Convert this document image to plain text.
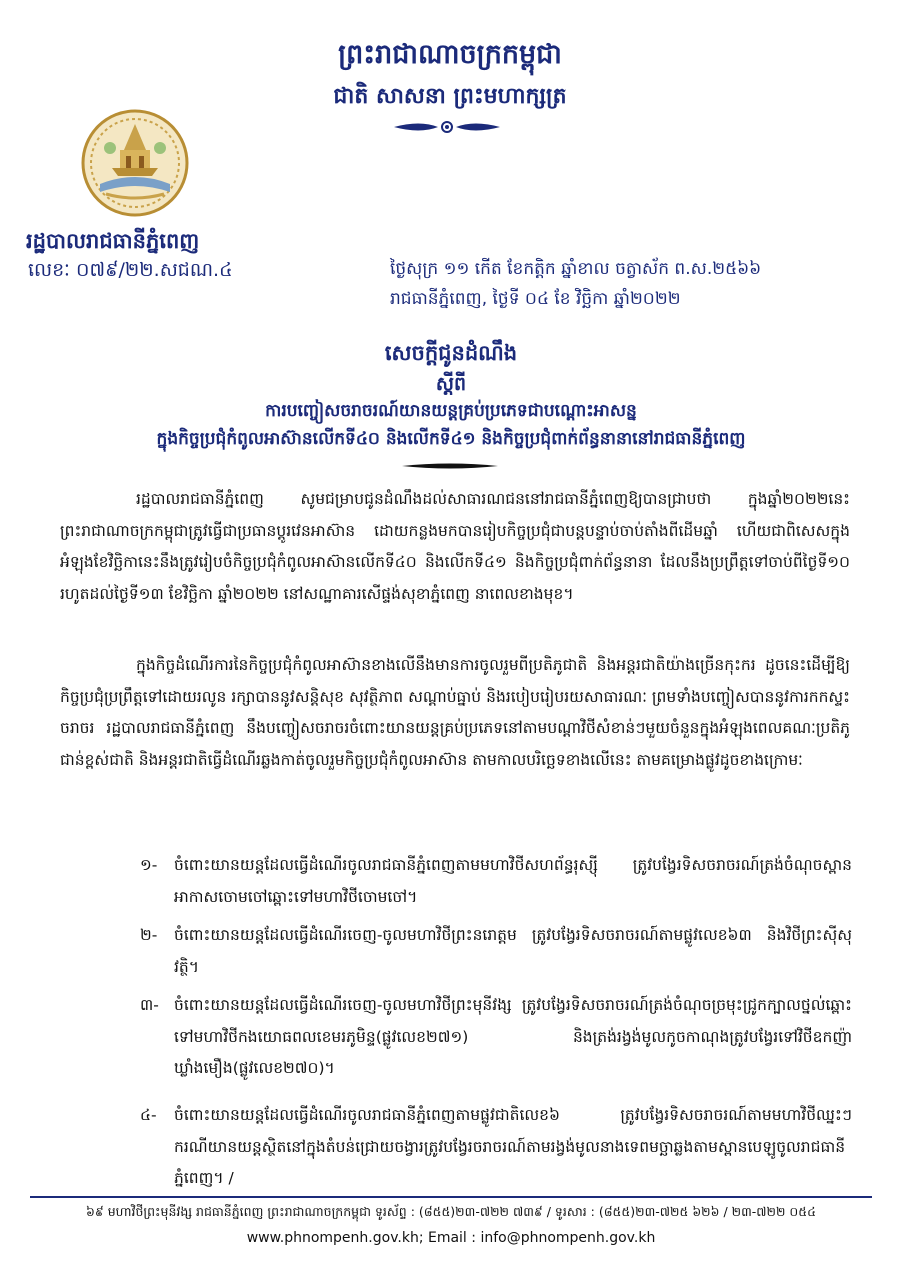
ព្រះរាជាណាចក្រកម្ពុជា
ជាតិ សាសនា ព្រះមហាក្សត្រ
រដ្ឋបាលរាជធានីភ្នំពេញ
លេខៈ ០៧៩/២២.សជណ.៤	ថ្ងៃសុក្រ ១១ កើត ខែកត្តិក ឆ្នាំខាល ចត្វាស័ក ព.ស.២៥៦៦
រាជធានីភ្នំពេញ, ថ្ងៃទី ០៤ ខែ វិច្ឆិកា ឆ្នាំ២០២២
សេចក្តីជូនដំណឹង
ស្តីពី
ការបញ្ចៀសចរាចរណ៍យានយន្តគ្រប់ប្រភេទជាបណ្តោះអាសន្ន
ក្នុងកិច្ចប្រជុំកំពូលអាស៊ានលើកទី៤០ និងលើកទី៤១ និងកិច្ចប្រជុំពាក់ព័ន្ធនានានៅរាជធានីភ្នំពេញ
រដ្ឋបាលរាជធានីភ្នំពេញ សូមជម្រាបជូនដំណឹងដល់សាធារណជននៅរាជធានីភ្នំពេញឱ្យបានជ្រាបថា ក្នុងឆ្នាំ២០២២នេះ ព្រះរាជាណាចក្រកម្ពុជាត្រូវធ្វើជាប្រធានប្តូរវេនអាស៊ាន ដោយកន្លងមកបានរៀបកិច្ចប្រជុំជាបន្តបន្ទាប់ចាប់តាំងពីដើមឆ្នាំ ហើយជាពិសេសក្នុងអំឡុងខែវិច្ឆិកានេះនឹងត្រូវរៀបចំកិច្ចប្រជុំកំពូលអាស៊ានលើកទី៤០ និងលើកទី៤១ និងកិច្ចប្រជុំពាក់ព័ន្ធនានា ដែលនឹងប្រព្រឹត្តទៅចាប់ពីថ្ងៃទី១០ រហូតដល់ថ្ងៃទី១៣ ខែវិច្ឆិកា ឆ្នាំ២០២២ នៅសណ្ឋាគារសើផ្ទង់សុខាភ្នំពេញ នាពេលខាងមុខ។
ក្នុងកិច្ចដំណើរការនៃកិច្ចប្រជុំកំពូលអាស៊ានខាងលើនឹងមានការចូលរួមពីប្រតិភូជាតិ និងអន្តរជាតិយ៉ាងច្រើនកុះករ ដូចនេះដើម្បីឱ្យកិច្ចប្រជុំប្រព្រឹត្តទៅដោយរលូន រក្សាបាននូវសន្តិសុខ សុវត្ថិភាព សណ្តាប់ធ្នាប់ និងរបៀបរៀបរយសាធារណៈ ព្រមទាំងបញ្ចៀសបាននូវការកកស្ទះចរាចរ រដ្ឋបាលរាជធានីភ្នំពេញ នឹងបញ្ចៀសចរាចរចំពោះយានយន្តគ្រប់ប្រភេទនៅតាមបណ្តាវិថីសំខាន់ៗមួយចំនួនក្នុងអំឡុងពេលគណៈប្រតិភូជាន់ខ្ពស់ជាតិ និងអន្តរជាតិធ្វើដំណើរឆ្លងកាត់ចូលរួមកិច្ចប្រជុំកំពូលអាស៊ាន តាមកាលបរិច្ឆេទខាងលើនេះ តាមគម្រោងផ្លូវដូចខាងក្រោមៈ
១-	ចំពោះយានយន្តដែលធ្វើដំណើរចូលរាជធានីភ្នំពេញតាមមហាវិថីសហព័ន្ធរុស្ស៊ី ត្រូវបង្វែរទិសចរាចរណ៍ត្រង់ចំណុចស្ពានអាកាសចោមចៅឆ្ពោះទៅមហាវិថីចោមចៅ។
២-	ចំពោះយានយន្តដែលធ្វើដំណើរចេញ-ចូលមហាវិថីព្រះនរោត្តម ត្រូវបង្វែរទិសចរាចរណ៍តាមផ្លូវលេខ៦៣ និងវិថីព្រះស៊ីសុវត្ថិ។
៣- ចំពោះយានយន្តដែលធ្វើដំណើរចេញ-ចូលមហាវិថីព្រះមុនីវង្ស ត្រូវបង្វែរទិសចរាចរណ៍ត្រង់ចំណុចច្រមុះជ្រូកក្បាលថ្នល់ឆ្ពោះទៅមហាវិថីកងយោធពលខេមរភូមិន្ទ(ផ្លូវលេខ២៧១) និងត្រង់រង្វង់មូលកូចកាណុងត្រូវបង្វែរទៅវិថីឧកញ៉ា ឃ្លាំងមឿង(ផ្លូវលេខ២៧០)។
៤-	ចំពោះយានយន្តដែលធ្វើដំណើរចូលរាជធានីភ្នំពេញតាមផ្លូវជាតិលេខ៦ ត្រូវបង្វែរទិសចរាចរណ៍តាមមហាវិថីឈ្នះៗ ករណីយានយន្តស្ថិតនៅក្នុងតំបន់ជ្រោយចង្វារត្រូវបង្វែរចរាចរណ៍តាមរង្វង់មូលនាងទេពមច្ឆាឆ្លងតាមស្ពានបេឡូចូលរាជធានីភ្នំពេញ។ /
៦៩ មហាវិថីព្រះមុនីវង្ស រាជធានីភ្នំពេញ ព្រះរាជាណាចក្រកម្ពុជា ទូរស័ព្ទ : (៨៥៥)២៣-៧២២ ៧៣៩ / ទូរសារ : (៨៥៥)២៣-៧២៥ ៦២៦ / ២៣-៧២២ ០៥៤
www.phnompenh.gov.kh; Email : info@phnompenh.gov.kh
